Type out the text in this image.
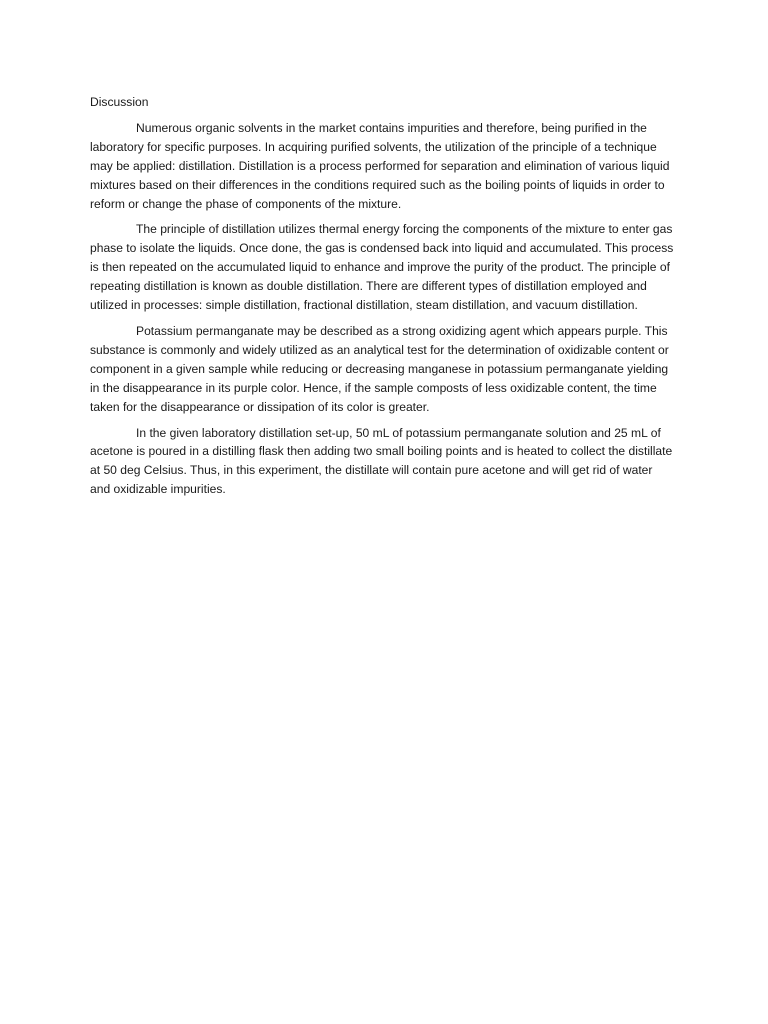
Discussion

Numerous organic solvents in the market contains impurities and therefore, being purified in the laboratory for specific purposes. In acquiring purified solvents, the utilization of the principle of a technique may be applied: distillation. Distillation is a process performed for separation and elimination of various liquid mixtures based on their differences in the conditions required such as the boiling points of liquids in order to reform or change the phase of components of the mixture.

The principle of distillation utilizes thermal energy forcing the components of the mixture to enter gas phase to isolate the liquids. Once done, the gas is condensed back into liquid and accumulated. This process is then repeated on the accumulated liquid to enhance and improve the purity of the product. The principle of repeating distillation is known as double distillation. There are different types of distillation employed and utilized in processes: simple distillation, fractional distillation, steam distillation, and vacuum distillation.

Potassium permanganate may be described as a strong oxidizing agent which appears purple. This substance is commonly and widely utilized as an analytical test for the determination of oxidizable content or component in a given sample while reducing or decreasing manganese in potassium permanganate yielding in the disappearance in its purple color. Hence, if the sample composts of less oxidizable content, the time taken for the disappearance or dissipation of its color is greater.

In the given laboratory distillation set-up, 50 mL of potassium permanganate solution and 25 mL of acetone is poured in a distilling flask then adding two small boiling points and is heated to collect the distillate at 50 deg Celsius. Thus, in this experiment, the distillate will contain pure acetone and will get rid of water and oxidizable impurities.
